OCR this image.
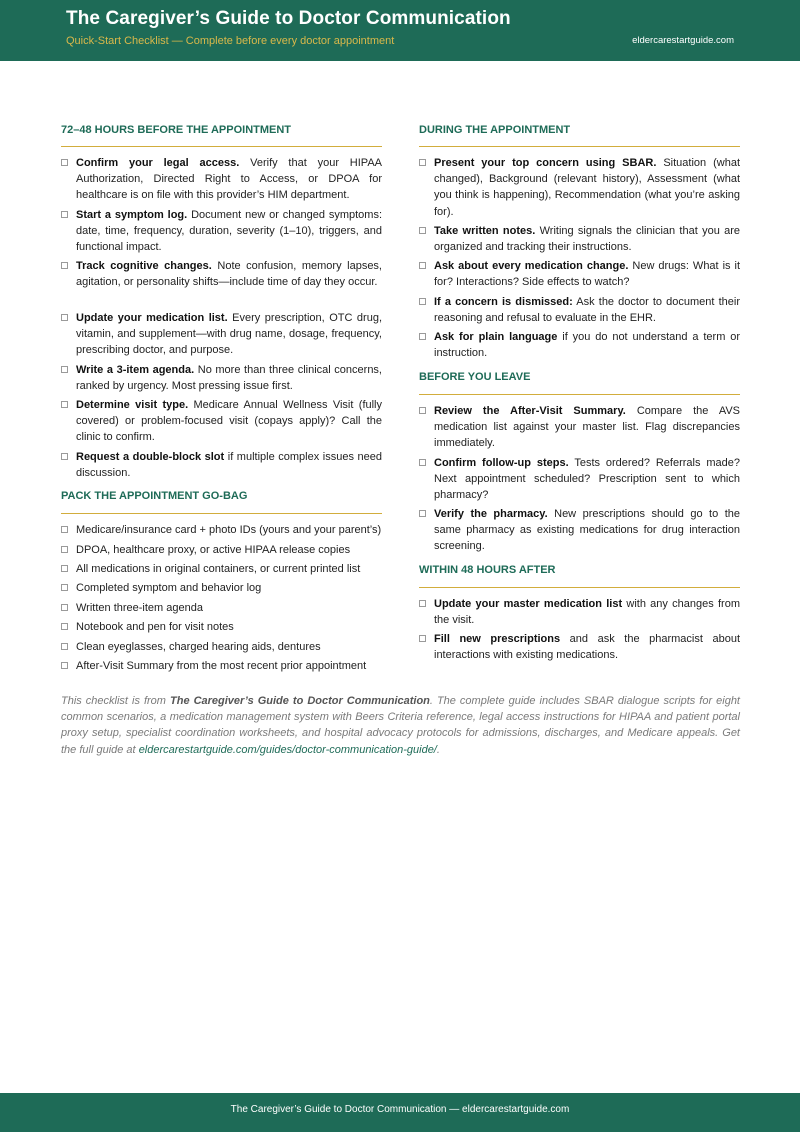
The Caregiver’s Guide to Doctor Communication
Quick-Start Checklist — Complete before every doctor appointment	eldercarestartguide.com
72–48 HOURS BEFORE THE APPOINTMENT
Confirm your legal access. Verify that your HIPAA Authorization, Directed Right to Access, or DPOA for healthcare is on file with this provider’s HIM department.
Start a symptom log. Document new or changed symptoms: date, time, frequency, duration, severity (1–10), triggers, and functional impact.
Track cognitive changes. Note confusion, memory lapses, agitation, or personality shifts—include time of day they occur.
Update your medication list. Every prescription, OTC drug, vitamin, and supplement—with drug name, dosage, frequency, prescribing doctor, and purpose.
Write a 3-item agenda. No more than three clinical concerns, ranked by urgency. Most pressing issue first.
Determine visit type. Medicare Annual Wellness Visit (fully covered) or problem-focused visit (copays apply)? Call the clinic to confirm.
Request a double-block slot if multiple complex issues need discussion.
PACK THE APPOINTMENT GO-BAG
Medicare/insurance card + photo IDs (yours and your parent’s)
DPOA, healthcare proxy, or active HIPAA release copies
All medications in original containers, or current printed list
Completed symptom and behavior log
Written three-item agenda
Notebook and pen for visit notes
Clean eyeglasses, charged hearing aids, dentures
After-Visit Summary from the most recent prior appointment
DURING THE APPOINTMENT
Present your top concern using SBAR. Situation (what changed), Background (relevant history), Assessment (what you think is happening), Recommendation (what you’re asking for).
Take written notes. Writing signals the clinician that you are organized and tracking their instructions.
Ask about every medication change. New drugs: What is it for? Interactions? Side effects to watch?
If a concern is dismissed: Ask the doctor to document their reasoning and refusal to evaluate in the EHR.
Ask for plain language if you do not understand a term or instruction.
BEFORE YOU LEAVE
Review the After-Visit Summary. Compare the AVS medication list against your master list. Flag discrepancies immediately.
Confirm follow-up steps. Tests ordered? Referrals made? Next appointment scheduled? Prescription sent to which pharmacy?
Verify the pharmacy. New prescriptions should go to the same pharmacy as existing medications for drug interaction screening.
WITHIN 48 HOURS AFTER
Update your master medication list with any changes from the visit.
Fill new prescriptions and ask the pharmacist about interactions with existing medications.
This checklist is from The Caregiver’s Guide to Doctor Communication. The complete guide includes SBAR dialogue scripts for eight common scenarios, a medication management system with Beers Criteria reference, legal access instructions for HIPAA and patient portal proxy setup, specialist coordination worksheets, and hospital advocacy protocols for admissions, discharges, and Medicare appeals. Get the full guide at eldercarestartguide.com/guides/doctor-communication-guide/.
The Caregiver’s Guide to Doctor Communication — eldercarestartguide.com
